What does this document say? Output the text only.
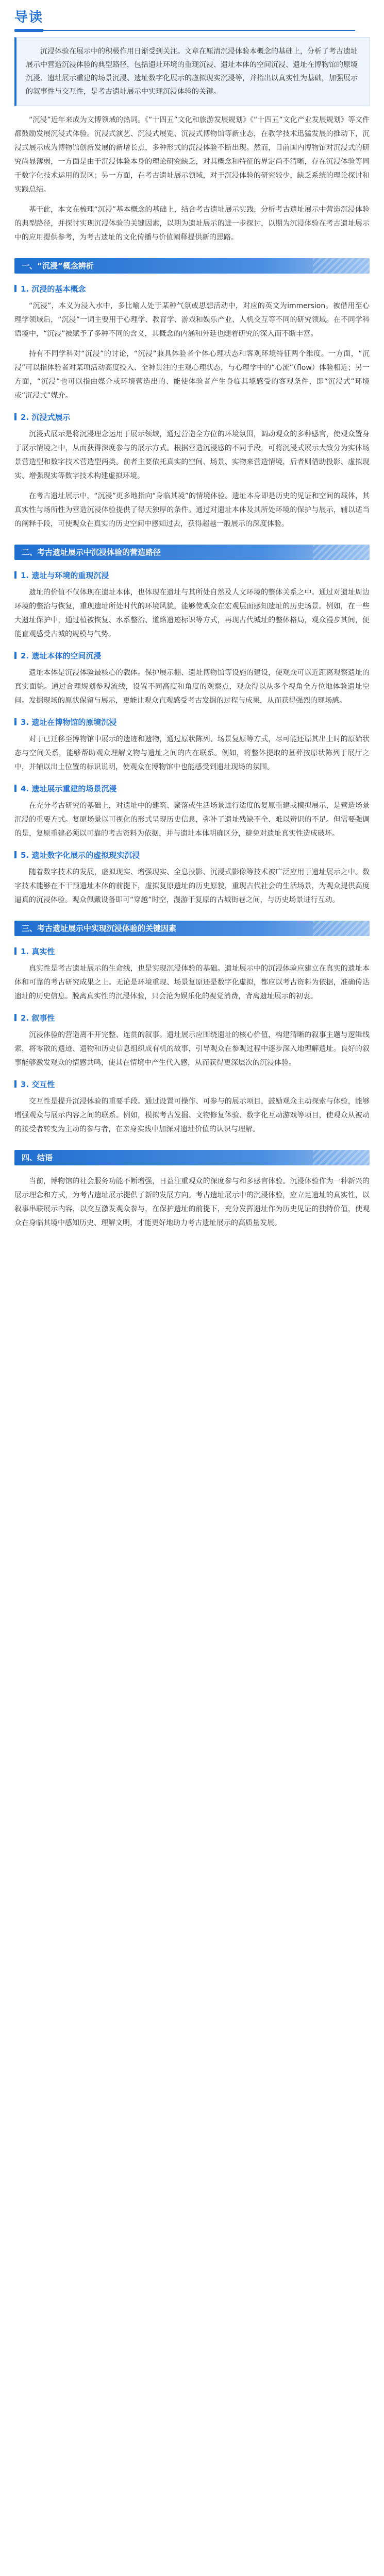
导读
沉浸体验在展示中的积极作用日渐受到关注。文章在厘清沉浸体验本概念的基础上，分析了考古遗址展示中营造沉浸体验的典型路径，包括遗址环境的重现沉浸、遗址本体的空间沉浸、遗址在博物馆的原境沉浸、遗址展示重建的场景沉浸、遗址数字化展示的虚拟现实沉浸等，并指出以真实性为基础，加强展示的叙事性与交互性，是考古遗址展示中实现沉浸体验的关键。

“沉浸”近年来成为文博领域的热词。《“十四五”文化和旅游发展规划》《“十四五”文化产业发展规划》等文件都鼓励发展沉浸式体验。沉浸式演艺、沉浸式展览、沉浸式博物馆等新业态，在教学技术迅猛发展的推动下，沉浸式展示成为博物馆创新发展的新增长点，多种形式的沉浸体验不断出现。然而，目前国内博物馆对沉浸式的研究尚显薄弱，一方面是由于沉浸体验本身的理论研究缺乏，对其概念和特征的界定尚不清晰，存在沉浸体验等同于数字化技术运用的误区；另一方面，在考古遗址展示领域，对于沉浸体验的研究较少，缺乏系统的理论探讨和实践总结。

基于此，本文在梳理“沉浸”基本概念的基础上，结合考古遗址展示实践，分析考古遗址展示中营造沉浸体验的典型路径，并探讨实现沉浸体验的关键因素，以期为遗址展示的进一步探讨，以期为沉浸体验在考古遗址展示中的应用提供参考，为考古遗址的文化传播与价值阐释提供新的思路。

一、“沉浸”概念辨析
1. 沉浸的基本概念

“沉浸”，本义为浸入水中，多比喻人处于某种气氛或思想活动中，对应的英文为immersion。被借用至心理学领域后，“沉浸”一词主要用于心理学、教育学、游戏和娱乐产业、人机交互等不同的研究领域。在不同学科语境中，“沉浸”被赋予了多种不同的含义，其概念的内涵和外延也随着研究的深入而不断丰富。

持有不同学科对“沉浸”的讨论，“沉浸”兼具体验者个体心理状态和客观环境特征两个维度。一方面，“沉浸”可以指体验者对某项活动高度投入、全神贯注的主观心理状态，与心理学中的“心流”（flow）体验相近；另一方面，“沉浸”也可以指由媒介或环境营造出的、能使体验者产生身临其境感受的客观条件，即“沉浸式”环境或“沉浸式”媒介。

2. 沉浸式展示

沉浸式展示是将沉浸理念运用于展示领域，通过营造全方位的环境氛围，调动观众的多种感官，使观众置身于展示情境之中，从而获得深度参与的展示方式。根据营造沉浸感的不同手段，可将沉浸式展示大致分为实体场景营造型和数字技术营造型两类。前者主要依托真实的空间、场景、实物来营造情境，后者则借助投影、虚拟现实、增强现实等数字技术构建虚拟环境。

在考古遗址展示中，“沉浸”更多地指向“身临其境”的情境体验。遗址本身即是历史的见证和空间的载体，其真实性与场所性为营造沉浸体验提供了得天独厚的条件。通过对遗址本体及其所处环境的保护与展示，辅以适当的阐释手段，可使观众在真实的历史空间中感知过去，获得超越一般展示的深度体验。

二、考古遗址展示中沉浸体验的营造路径
1. 遗址与环境的重现沉浸

遗址的价值不仅体现在遗址本体，也体现在遗址与其所处自然及人文环境的整体关系之中。通过对遗址周边环境的整治与恢复，重现遗址所处时代的环境风貌，能够使观众在宏观层面感知遗址的历史场景。例如，在一些大遗址保护中，通过植被恢复、水系整治、道路遗迹标识等方式，再现古代城址的整体格局，观众漫步其间，便能直观感受古城的规模与气势。

2. 遗址本体的空间沉浸

遗址本体是沉浸体验最核心的载体。保护展示棚、遗址博物馆等设施的建设，使观众可以近距离观察遗址的真实面貌。通过合理规划参观流线，设置不同高度和角度的观察点，观众得以从多个视角全方位地体验遗址空间。发掘现场的原状保留与展示，更能让观众直观感受考古发掘的过程与成果，从而获得强烈的现场感。

3. 遗址在博物馆的原境沉浸

对于已迁移至博物馆中展示的遗迹和遗物，通过原状陈列、场景复原等方式，尽可能还原其出土时的原始状态与空间关系，能够帮助观众理解文物与遗址之间的内在联系。例如，将整体提取的墓葬按原状陈列于展厅之中，并辅以出土位置的标识说明，使观众在博物馆中也能感受到遗址现场的氛围。

4. 遗址展示重建的场景沉浸

在充分考古研究的基础上，对遗址中的建筑、聚落或生活场景进行适度的复原重建或模拟展示，是营造场景沉浸的重要方式。复原场景以可视化的形式呈现历史信息，弥补了遗址残缺不全、难以辨识的不足。但需要强调的是，复原重建必须以可靠的考古资料为依据，并与遗址本体明确区分，避免对遗址真实性造成破坏。

5. 遗址数字化展示的虚拟现实沉浸

随着数字技术的发展，虚拟现实、增强现实、全息投影、沉浸式影像等技术被广泛应用于遗址展示之中。数字技术能够在不干预遗址本体的前提下，虚拟复原遗址的历史原貌，重现古代社会的生活场景，为观众提供高度逼真的沉浸体验。观众佩戴设备即可“穿越”时空，漫游于复原的古城街巷之间，与历史场景进行互动。

三、考古遗址展示中实现沉浸体验的关键因素
1. 真实性

真实性是考古遗址展示的生命线，也是实现沉浸体验的基础。遗址展示中的沉浸体验应建立在真实的遗址本体和可靠的考古研究成果之上。无论是环境重现、场景复原还是数字化虚拟，都应以考古资料为依据，准确传达遗址的历史信息。脱离真实性的沉浸体验，只会沦为娱乐化的视觉消费，背离遗址展示的初衷。

2. 叙事性

沉浸体验的营造离不开完整、连贯的叙事。遗址展示应围绕遗址的核心价值，构建清晰的叙事主题与逻辑线索，将零散的遗迹、遗物和历史信息组织成有机的故事，引导观众在参观过程中逐步深入地理解遗址。良好的叙事能够激发观众的情感共鸣，使其在情境中产生代入感，从而获得更深层次的沉浸体验。

3. 交互性

交互性是提升沉浸体验的重要手段。通过设置可操作、可参与的展示项目，鼓励观众主动探索与体验，能够增强观众与展示内容之间的联系。例如，模拟考古发掘、文物修复体验、数字化互动游戏等项目，使观众从被动的接受者转变为主动的参与者，在亲身实践中加深对遗址价值的认识与理解。

四、结语

当前，博物馆的社会服务功能不断增强，日益注重观众的深度参与和多感官体验。沉浸体验作为一种新兴的展示理念和方式，为考古遗址展示提供了新的发展方向。考古遗址展示中的沉浸体验，应立足遗址的真实性，以叙事串联展示内容，以交互激发观众参与，在保护遗址的前提下，充分发挥遗址作为历史见证的独特价值，使观众在身临其境中感知历史、理解文明，才能更好地助力考古遗址展示的高质量发展。
